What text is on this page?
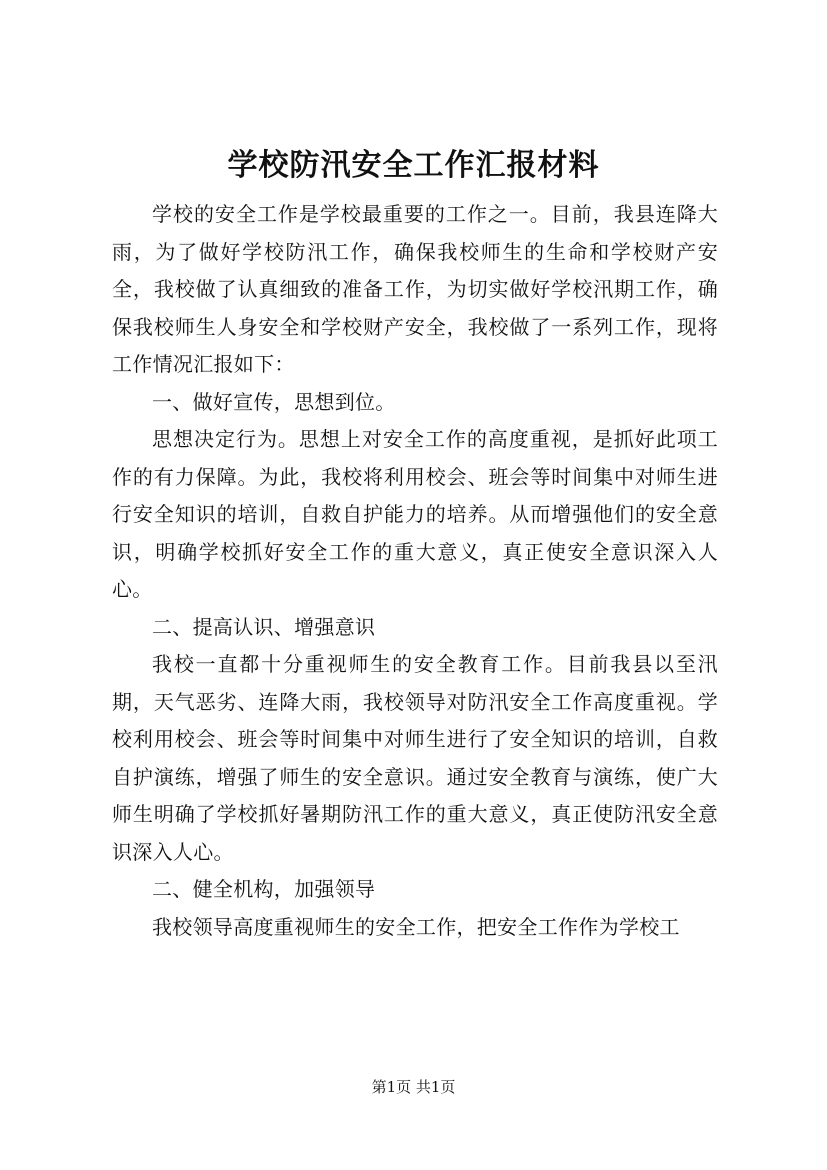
学校防汛安全工作汇报材料

学校的安全工作是学校最重要的工作之一。目前，我县连降大雨，为了做好学校防汛工作，确保我校师生的生命和学校财产安全，我校做了认真细致的准备工作，为切实做好学校汛期工作，确保我校师生人身安全和学校财产安全，我校做了一系列工作，现将工作情况汇报如下：

一、做好宣传，思想到位。

思想决定行为。思想上对安全工作的高度重视，是抓好此项工作的有力保障。为此，我校将利用校会、班会等时间集中对师生进行安全知识的培训，自救自护能力的培养。从而增强他们的安全意识，明确学校抓好安全工作的重大意义，真正使安全意识深入人心。

二、提高认识、增强意识

我校一直都十分重视师生的安全教育工作。目前我县以至汛期，天气恶劣、连降大雨，我校领导对防汛安全工作高度重视。学校利用校会、班会等时间集中对师生进行了安全知识的培训，自救自护演练，增强了师生的安全意识。通过安全教育与演练，使广大师生明确了学校抓好暑期防汛工作的重大意义，真正使防汛安全意识深入人心。

二、健全机构，加强领导

我校领导高度重视师生的安全工作，把安全工作作为学校工

第1页 共1页
